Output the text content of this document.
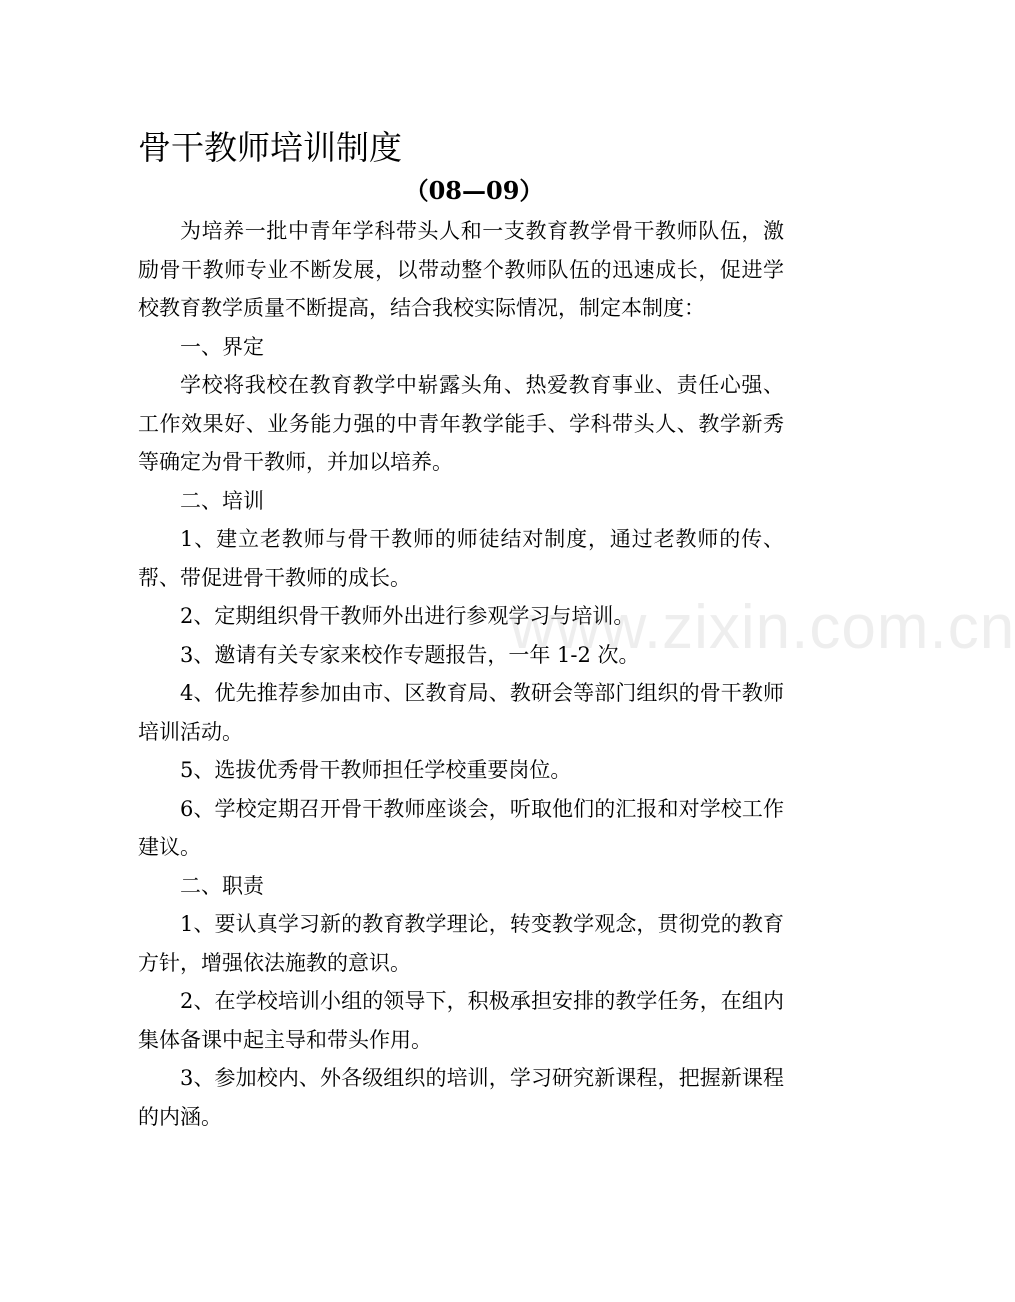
骨干教师培训制度
（08—09）

为培养一批中青年学科带头人和一支教育教学骨干教师队伍，激励骨干教师专业不断发展，以带动整个教师队伍的迅速成长，促进学校教育教学质量不断提高，结合我校实际情况，制定本制度：

一、界定

学校将我校在教育教学中崭露头角、热爱教育事业、责任心强、工作效果好、业务能力强的中青年教学能手、学科带头人、教学新秀等确定为骨干教师，并加以培养。

二、培训

1、建立老教师与骨干教师的师徒结对制度，通过老教师的传、帮、带促进骨干教师的成长。

2、定期组织骨干教师外出进行参观学习与培训。

3、邀请有关专家来校作专题报告，一年 1-2 次。

4、优先推荐参加由市、区教育局、教研会等部门组织的骨干教师培训活动。

5、选拔优秀骨干教师担任学校重要岗位。

6、学校定期召开骨干教师座谈会，听取他们的汇报和对学校工作建议。

二、职责

1、要认真学习新的教育教学理论，转变教学观念，贯彻党的教育方针，增强依法施教的意识。

2、在学校培训小组的领导下，积极承担安排的教学任务，在组内集体备课中起主导和带头作用。

3、参加校内、外各级组织的培训，学习研究新课程，把握新课程的内涵。

www.zixin.com.cn
